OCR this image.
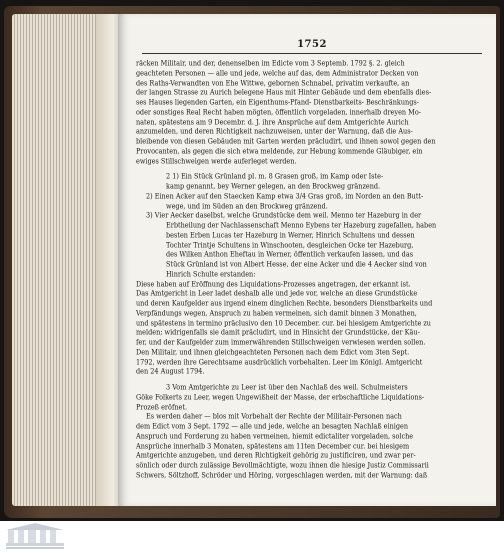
1752
räcken Militair, und der, denenselben im Edicte vom 3 Septemb. 1792 §. 2. gleich
geachteten Personen — alle und jede, welche auf das, dem Administrator Decken von
des Raths-Verwandten von Ehe Wittwe, gebornen Schnabel, privatim verkaufte, an
der langen Strasse zu Aurich belegene Haus mit Hinter Gebäude und dem ebenfalls dies-
ses Hauses liegenden Garten, ein Eigenthums-Pfand- Dienstbarkeits- Beschränkungs-
oder sonstiges Real Recht haben mögten, öffentlich vorgeladen, innerhalb dreyen Mo-
naten, spätestens am 9 Decembr. d. J. ihre Ansprüche auf dem Amtgerichte Aurich
anzumelden, und deren Richtigkeit nachzuweisen, unter der Warnung, daß die Aus-
bleibende von diesen Gebäuden mit Garten werden präcludirt, und ihnen sowol gegen den
Provocanten, als gegen die sich etwa meldende, zur Hebung kommende Gläubiger, ein
ewiges Stillschweigen werde auferleget werden.
2 1) Ein Stück Grünland pl. m. 8 Grasen groß, im Kamp oder Iste-
kamp genannt, bey Werner gelegen, an den Brockweg gränzend.
2) Einen Acker auf den Staecken Kamp etwa 3/4 Gras groß, im Norden an den Butt-
wege, und im Süden an den Brockweg gränzend.
3) Vier Aecker daselbst, welche Grundstücke dem weil. Menno ter Hazeburg in der
Erbtheilung der Nachlassenschaft Menno Eybens ter Hazeburg zugefallen, haben
besten Erben Lucas ter Hazeburg in Werner, Hinrich Schultens und dessen
Tochter Trintje Schultens in Winschooten, desgleichen Ocke ter Hazeburg,
des Wilken Anthon Eheftau in Werner, öffentlich verkaufen lassen, und das
Stück Grünland ist von Albert Hesse, der eine Acker und die 4 Aecker sind von
Hinrich Schulte erstanden:
Diese haben auf Eröffnung des Liquidations-Prozesses angetragen, der erkannt ist.
Das Amtgericht in Leer ladet deshalb alle und jede vor, welche an diese Grundstücke
und deren Kaufgelder aus irgend einem dinglichen Rechte, besonders Dienstbarkeits und
Verpfändungs wegen, Anspruch zu haben vermeinen, sich damit binnen 3 Monathen,
und spätestens in termino präclusivo den 10 December. cur. bei hiesigem Amtgerichte zu
melden; widrigenfalls sie damit präcludirt, und in Hinsicht der Grundstücke, der Käu-
fer, und der Kaufgelder zum immerwährenden Stillschweigen verwiesen werden sollen.
Den Militair, und ihnen gleichgeachteten Personen nach dem Edict vom 3ten Sept.
1792, werden ihre Gerechtsame ausdrücklich vorbehalten. Leer im Königl. Amtgericht
den 24 August 1794.
3 Vom Amtgerichte zu Leer ist über den Nachlaß des weil. Schulmeisters
Göke Folkerts zu Leer, wegen Ungewißheit der Masse, der erbschaftliche Liquidations-
Prozeß eröfnet.
Es werden daher — blos mit Vorbehalt der Rechte der Militair-Personen nach
dem Edict vom 3 Sept. 1792 — alle und jede, welche an besagten Nachlaß einigen
Anspruch und Forderung zu haben vermeinen, hiemit edictaliter vorgeladen, solche
Ansprüche innerhalb 3 Monaten, spätestens am 11ten December cur. bei hiesigem
Amtgerichte anzugeben, und deren Richtigkeit gehörig zu justificiren, und zwar per-
sönlich oder durch zulässige Bevollmächtigte, wozu ihnen die hiesige Justiz Commissarii
Schwers, Söltzhoff, Schröder und Höring, vorgeschlagen werden, mit der Warnung: daß
